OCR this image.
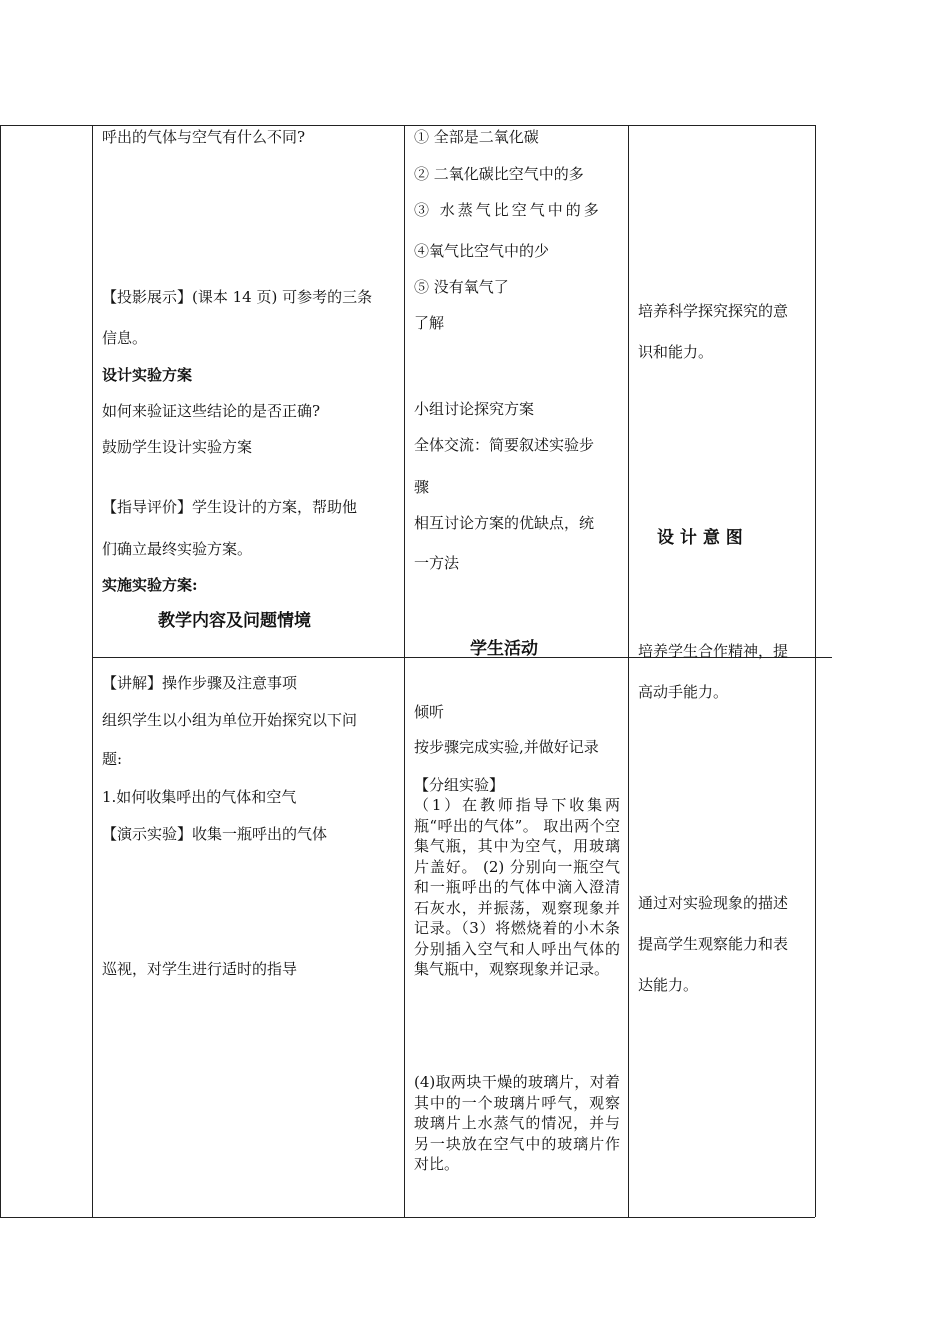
呼出的气体与空气有什么不同?
【投影展示】(课本 14 页) 可参考的三条
信息。
设计实验方案
如何来验证这些结论的是否正确?
鼓励学生设计实验方案
【指导评价】学生设计的方案，帮助他
们确立最终实验方案。
实施实验方案:
教学内容及问题情境
【讲解】操作步骤及注意事项
组织学生以小组为单位开始探究以下问
题:
1.如何收集呼出的气体和空气
【演示实验】收集一瓶呼出的气体
巡视，对学生进行适时的指导
① 全部是二氧化碳
② 二氧化碳比空气中的多
③ 水蒸气比空气中的多
④氧气比空气中的少
⑤ 没有氧气了
了解
小组讨论探究方案
全体交流：简要叙述实验步
骤
相互讨论方案的优缺点，统
一方法
学生活动
倾听
按步骤完成实验,并做好记录
【分组实验】
（1）在教师指导下收集两瓶“呼出的气体”。 取出两个空集气瓶，其中为空气，用玻璃片盖好。 (2) 分别向一瓶空气和一瓶呼出的气体中滴入澄清石灰水，并振荡，观察现象并记录。（3）将燃烧着的小木条分别插入空气和人呼出气体的集气瓶中，观察现象并记录。
(4)取两块干燥的玻璃片，对着其中的一个玻璃片呼气，观察玻璃片上水蒸气的情况，并与另一块放在空气中的玻璃片作对比。
培养科学探究探究的意
识和能力。
设 计 意 图
培养学生合作精神，提
高动手能力。
通过对实验现象的描述
提高学生观察能力和表
达能力。
